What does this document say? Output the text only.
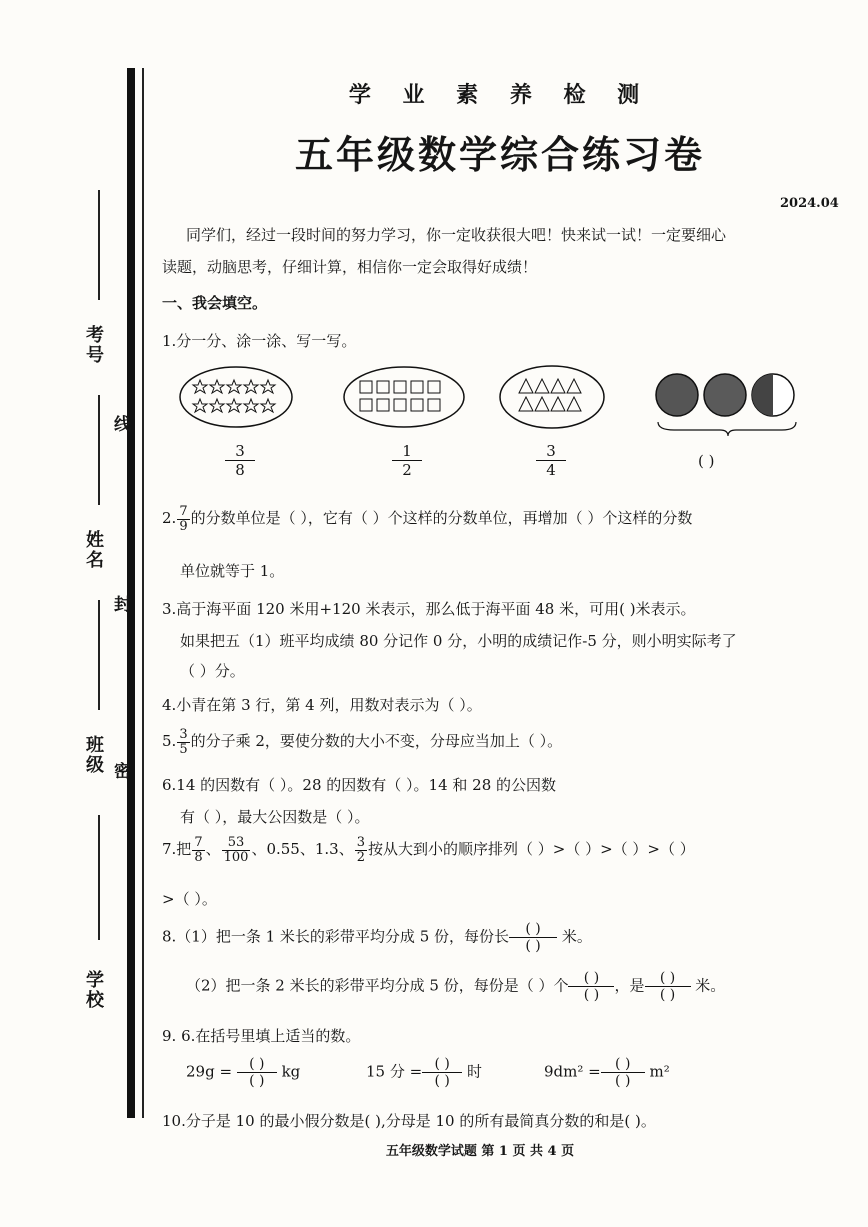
考号
线
姓名
封
班级 密
学校
学 业 素 养 检 测
五年级数学综合练习卷
2024.04
同学们，经过一段时间的努力学习，你一定收获很大吧！快来试一试！一定要细心
读题，动脑思考，仔细计算，相信你一定会取得好成绩！
一、我会填空。
1.分一分、涂一涂、写一写。
3
8
1
2
3
4	( )
2. $\frac{7}{9}$ 的分数单位是（ ），它有（ ）个这样的分数单位，再增加（ ）个这样的分数
单位就等于 1。
3.高于海平面 120 米用+120 米表示，那么低于海平面 48 米，可用( )米表示。
如果把五（1）班平均成绩 80 分记作 0 分，小明的成绩记作-5 分，则小明实际考了
（ ）分。
4.小青在第 3 行，第 4 列，用数对表示为（ ）。
5. $\frac{3}{5}$ 的分子乘 2，要使分数的大小不变，分母应当加上（ ）。
6.14 的因数有（ ）。28 的因数有（ ）。14 和 28 的公因数
有（ ），最大公因数是（ ）。
7.把 $\frac{7}{8}$ 、 $\frac{53}{100}$ 、0.55、1.3、 $\frac{3}{2}$ 按从大到小的顺序排列（ ）>（ ）>（ ）>（ ）
>（ ）。
8.（1）把一条 1 米长的彩带平均分成 5 份，每份长	( )
( )
米。
（2）把一条 2 米长的彩带平均分成 5 份，每份是（ ）个	( )
( )
，是	( )
( )
米。
9. 6.在括号里填上适当的数。
29g =	( )
( )
kg	15 分 = ( )
( )
时	9dm² =	( )
( )
m²
10.分子是 10 的最小假分数是( ),分母是 10 的所有最简真分数的和是( )。
五年级数学试题 第 1 页 共 4 页
